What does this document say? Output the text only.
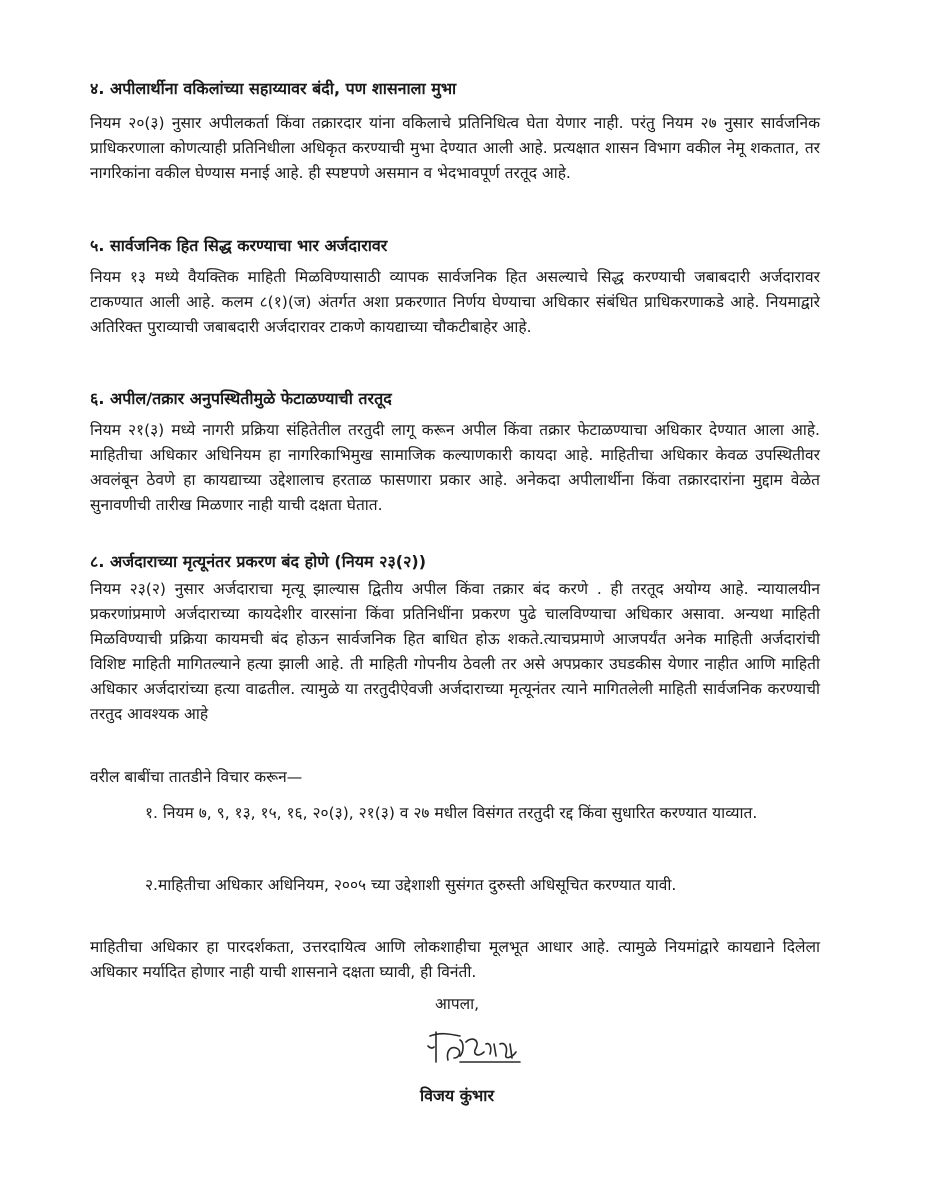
४. अपीलार्थीना वकिलांच्या सहाय्यावर बंदी, पण शासनाला मुभा
नियम २०(३) नुसार अपीलकर्ता किंवा तक्रारदार यांना वकिलाचे प्रतिनिधित्व घेता येणार नाही. परंतु नियम २७ नुसार सार्वजनिक प्राधिकरणाला कोणत्याही प्रतिनिधीला अधिकृत करण्याची मुभा देण्यात आली आहे. प्रत्यक्षात शासन विभाग वकील नेमू शकतात, तर नागरिकांना वकील घेण्यास मनाई आहे. ही स्पष्टपणे असमान व भेदभावपूर्ण तरतूद आहे.
५. सार्वजनिक हित सिद्ध करण्याचा भार अर्जदारावर
नियम १३ मध्ये वैयक्तिक माहिती मिळविण्यासाठी व्यापक सार्वजनिक हित असल्याचे सिद्ध करण्याची जबाबदारी अर्जदारावर टाकण्यात आली आहे. कलम ८(१)(ज) अंतर्गत अशा प्रकरणात निर्णय घेण्याचा अधिकार संबंधित प्राधिकरणाकडे आहे. नियमाद्वारे अतिरिक्त पुराव्याची जबाबदारी अर्जदारावर टाकणे कायद्याच्या चौकटीबाहेर आहे.
६. अपील/तक्रार अनुपस्थितीमुळे फेटाळण्याची तरतूद
नियम २१(३) मध्ये नागरी प्रक्रिया संहितेतील तरतुदी लागू करून अपील किंवा तक्रार फेटाळण्याचा अधिकार देण्यात आला आहे. माहितीचा अधिकार अधिनियम हा नागरिकाभिमुख सामाजिक कल्याणकारी कायदा आहे. माहितीचा अधिकार केवळ उपस्थितीवर अवलंबून ठेवणे हा कायद्याच्या उद्देशालाच हरताळ फासणारा प्रकार आहे. अनेकदा अपीलार्थीना किंवा तक्रारदारांना मुद्दाम वेळेत सुनावणीची तारीख मिळणार नाही याची दक्षता घेतात.
८. अर्जदाराच्या मृत्यूनंतर प्रकरण बंद होणे (नियम २३(२))
नियम २३(२) नुसार अर्जदाराचा मृत्यू झाल्यास द्वितीय अपील किंवा तक्रार बंद करणे . ही तरतूद अयोग्य आहे. न्यायालयीन प्रकरणांप्रमाणे अर्जदाराच्या कायदेशीर वारसांना किंवा प्रतिनिधींना प्रकरण पुढे चालविण्याचा अधिकार असावा. अन्यथा माहिती मिळविण्याची प्रक्रिया कायमची बंद होऊन सार्वजनिक हित बाधित होऊ शकते.त्याचप्रमाणे आजपर्यंत अनेक माहिती अर्जदारांची विशिष्ट माहिती मागितल्याने हत्या झाली आहे. ती माहिती गोपनीय ठेवली तर असे अपप्रकार उघडकीस येणार नाहीत आणि माहिती अधिकार अर्जदारांच्या हत्या वाढतील. त्यामुळे या तरतुदीऐवजी अर्जदाराच्या मृत्यूनंतर त्याने मागितलेली माहिती सार्वजनिक करण्याची तरतुद आवश्यक आहे
वरील बाबींचा तातडीने विचार करून—
१. नियम ७, ९, १३, १५, १६, २०(३), २१(३) व २७ मधील विसंगत तरतुदी रद्द किंवा सुधारित करण्यात याव्यात.
२.माहितीचा अधिकार अधिनियम, २००५ च्या उद्देशाशी सुसंगत दुरुस्ती अधिसूचित करण्यात यावी.
माहितीचा अधिकार हा पारदर्शकता, उत्तरदायित्व आणि लोकशाहीचा मूलभूत आधार आहे. त्यामुळे नियमांद्वारे कायद्याने दिलेला अधिकार मर्यादित होणार नाही याची शासनाने दक्षता घ्यावी, ही विनंती.
आपला,
विजय कुंभार
